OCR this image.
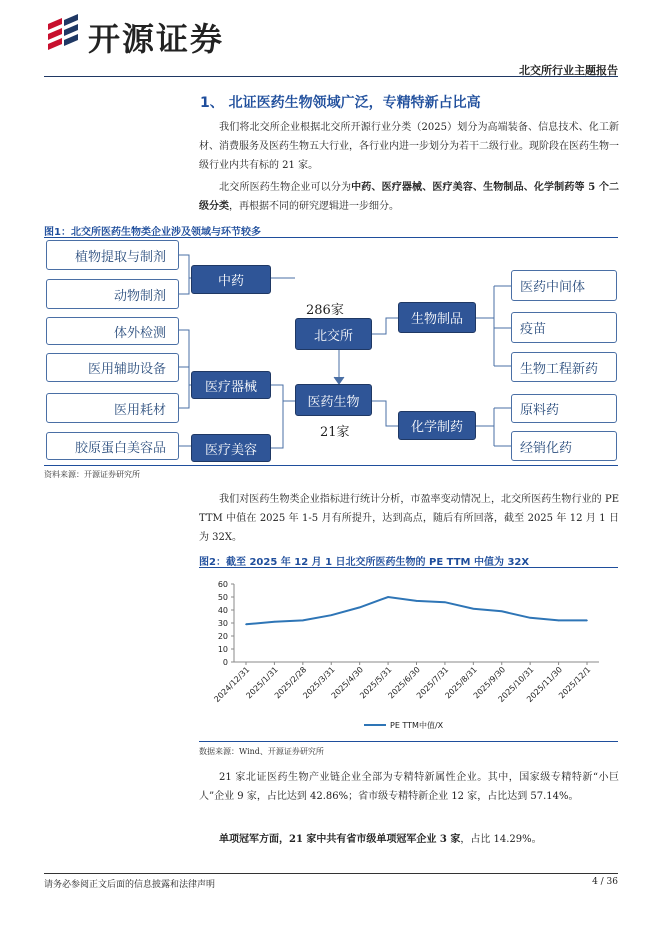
开源证券
北交所行业主题报告
1、 北证医药生物领域广泛，专精特新占比高
我们将北交所企业根据北交所开源行业分类（2025）划分为高端装备、信息技术、化工新材、消费服务及医药生物五大行业，各行业内进一步划分为若干二级行业。现阶段在医药生物一级行业内共有标的 21 家。
北交所医药生物企业可以分为中药、医疗器械、医疗美容、生物制品、化学制药等 5 个二级分类，再根据不同的研究逻辑进一步细分。
图1：北交所医药生物类企业涉及领域与环节较多
植物提取与制剂
动物制剂
体外检测
医用辅助设备
医用耗材
胶原蛋白美容品
中药
医疗器械
医疗美容
286家
北交所
医药生物
21家
生物制品
化学制药
医药中间体
疫苗
生物工程新药
原料药
经销化药
资料来源：开源证券研究所
我们对医药生物类企业指标进行统计分析，市盈率变动情况上，北交所医药生物行业的 PE TTM 中值在 2025 年 1-5 月有所提升，达到高点，随后有所回落，截至 2025 年 12 月 1 日为 32X。
图2：截至 2025 年 12 月 1 日北交所医药生物的 PE TTM 中值为 32X
0
10
20
30
40
50
60
2024/12/31
2025/1/31
2025/2/28
2025/3/31
2025/4/30
2025/5/31
2025/6/30
2025/7/31
2025/8/31
2025/9/30
2025/10/31
2025/11/30
2025/12/1
PE TTM中值/X
数据来源：Wind、开源证券研究所
21 家北证医药生物产业链企业全部为专精特新属性企业。其中，国家级专精特新“小巨人”企业 9 家，占比达到 42.86%；省市级专精特新企业 12 家，占比达到 57.14%。
单项冠军方面，21 家中共有省市级单项冠军企业 3 家，占比 14.29%。
请务必参阅正文后面的信息披露和法律声明	4 / 36
